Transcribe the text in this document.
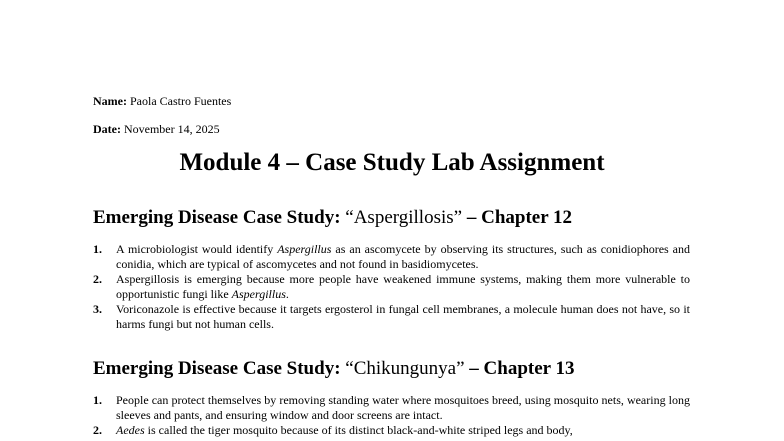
Name: Paola Castro Fuentes
Date: November 14, 2025
Module 4 – Case Study Lab Assignment
Emerging Disease Case Study: “Aspergillosis” – Chapter 12
1. A microbiologist would identify Aspergillus as an ascomycete by observing its structures, such as conidiophores and conidia, which are typical of ascomycetes and not found in basidiomycetes.
2. Aspergillosis is emerging because more people have weakened immune systems, making them more vulnerable to opportunistic fungi like Aspergillus.
3. Voriconazole is effective because it targets ergosterol in fungal cell membranes, a molecule human does not have, so it harms fungi but not human cells.
Emerging Disease Case Study: “Chikungunya” – Chapter 13
1. People can protect themselves by removing standing water where mosquitoes breed, using mosquito nets, wearing long sleeves and pants, and ensuring window and door screens are intact.
2. Aedes is called the tiger mosquito because of its distinct black-and-white striped legs and body,
